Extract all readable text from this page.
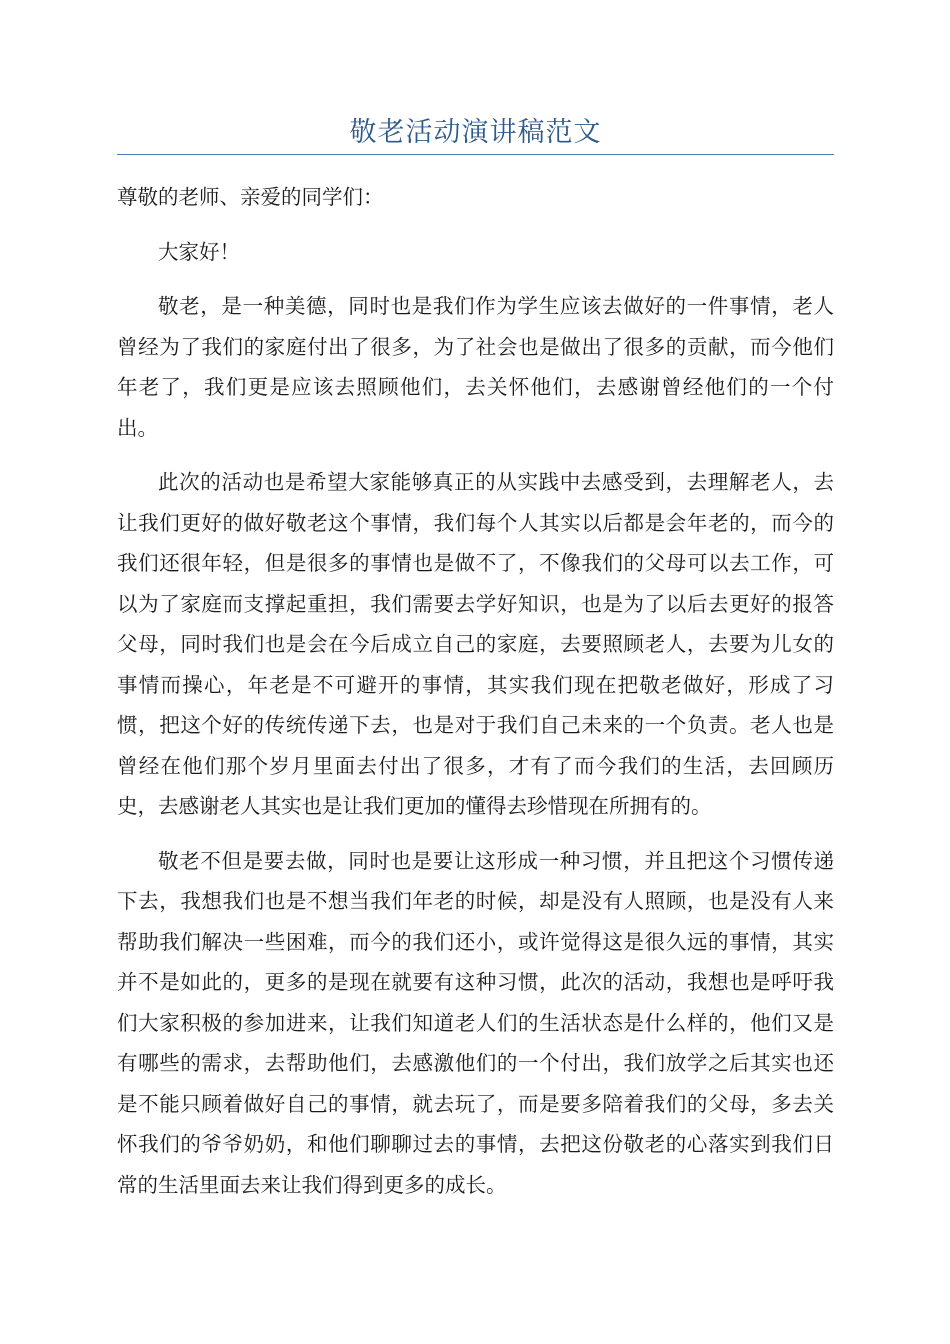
敬老活动演讲稿范文

尊敬的老师、亲爱的同学们：

大家好！

敬老，是一种美德，同时也是我们作为学生应该去做好的一件事情，老人曾经为了我们的家庭付出了很多，为了社会也是做出了很多的贡献，而今他们年老了，我们更是应该去照顾他们，去关怀他们，去感谢曾经他们的一个付出。

此次的活动也是希望大家能够真正的从实践中去感受到，去理解老人，去让我们更好的做好敬老这个事情，我们每个人其实以后都是会年老的，而今的我们还很年轻，但是很多的事情也是做不了，不像我们的父母可以去工作，可以为了家庭而支撑起重担，我们需要去学好知识，也是为了以后去更好的报答父母，同时我们也是会在今后成立自己的家庭，去要照顾老人，去要为儿女的事情而操心，年老是不可避开的事情，其实我们现在把敬老做好，形成了习惯，把这个好的传统传递下去，也是对于我们自己未来的一个负责。老人也是曾经在他们那个岁月里面去付出了很多，才有了而今我们的生活，去回顾历史，去感谢老人其实也是让我们更加的懂得去珍惜现在所拥有的。

敬老不但是要去做，同时也是要让这形成一种习惯，并且把这个习惯传递下去，我想我们也是不想当我们年老的时候，却是没有人照顾，也是没有人来帮助我们解决一些困难，而今的我们还小，或许觉得这是很久远的事情，其实并不是如此的，更多的是现在就要有这种习惯，此次的活动，我想也是呼吁我们大家积极的参加进来，让我们知道老人们的生活状态是什么样的，他们又是有哪些的需求，去帮助他们，去感激他们的一个付出，我们放学之后其实也还是不能只顾着做好自己的事情，就去玩了，而是要多陪着我们的父母，多去关怀我们的爷爷奶奶，和他们聊聊过去的事情，去把这份敬老的心落实到我们日常的生活里面去来让我们得到更多的成长。
